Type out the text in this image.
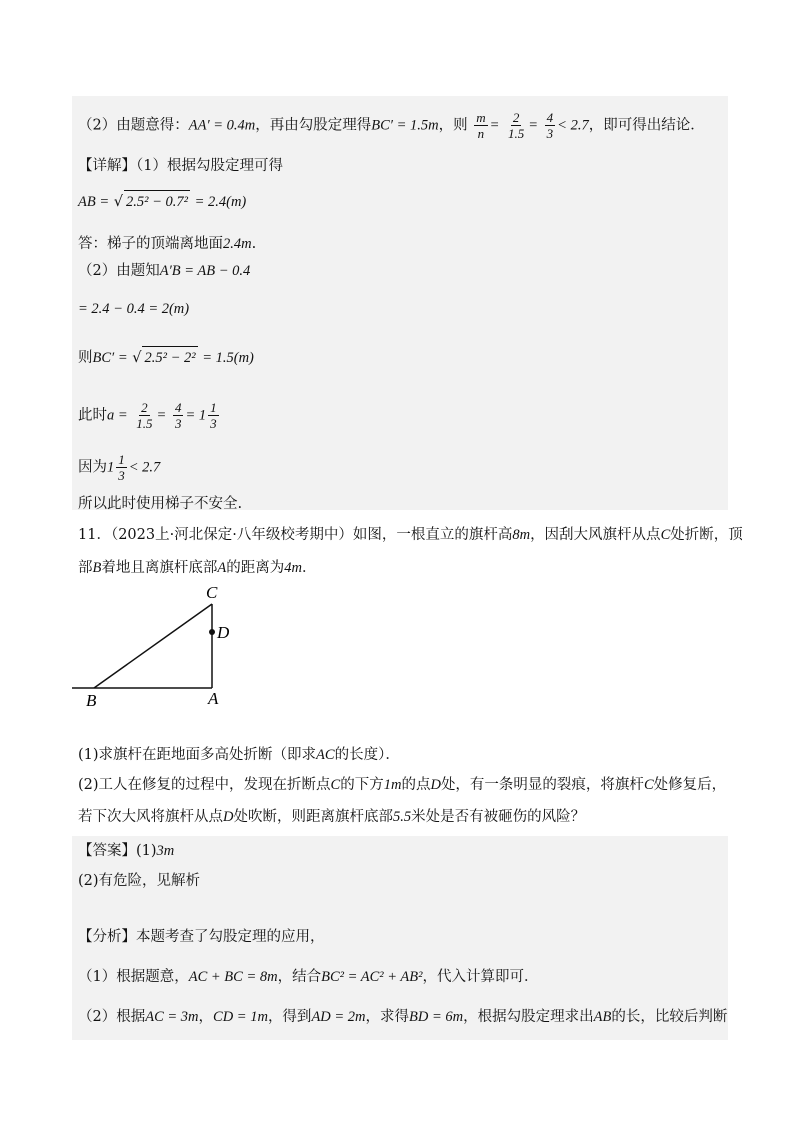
（2）由题意得：AA′ = 0.4m，再由勾股定理得BC′ = 1.5m，则 $\frac{m}{n} = \frac{2}{1.5} = \frac{4}{3} < 2.7$，即可得出结论．
【详解】（1）根据勾股定理可得
AB = √ 2.5² − 0.7² = 2.4(m)
答：梯子的顶端离地面2.4m.
（2）由题知A′B = AB − 0.4
= 2.4 − 0.4 = 2(m)
则BC′ = √ 2.5² − 2² = 1.5(m)
此时$a = \frac{2}{1.5} = \frac{4}{3} = 1 \frac{1}{3}$
因为$1 \frac{1}{3} < 2.7$
所以此时使用梯子不安全.
11．（2023上·河北保定·八年级校考期中）如图，一根直立的旗杆高8m，因刮大风旗杆从点C处折断，顶
部B着地且离旗杆底部A的距离为4m．
C
D
B	A
(1)求旗杆在距地面多高处折断（即求AC的长度）．
(2)工人在修复的过程中，发现在折断点C的下方1m的点D处，有一条明显的裂痕，将旗杆C处修复后，
若下次大风将旗杆从点D处吹断，则距离旗杆底部5.5米处是否有被砸伤的风险？
【答案】(1)3m
(2)有危险，见解析
【分析】本题考查了勾股定理的应用，
（1）根据题意，AC + BC = 8m，结合BC² = AC² + AB²，代入计算即可．
（2）根据AC = 3m，CD = 1m，得到AD = 2m，求得BD = 6m，根据勾股定理求出AB的长，比较后判断
